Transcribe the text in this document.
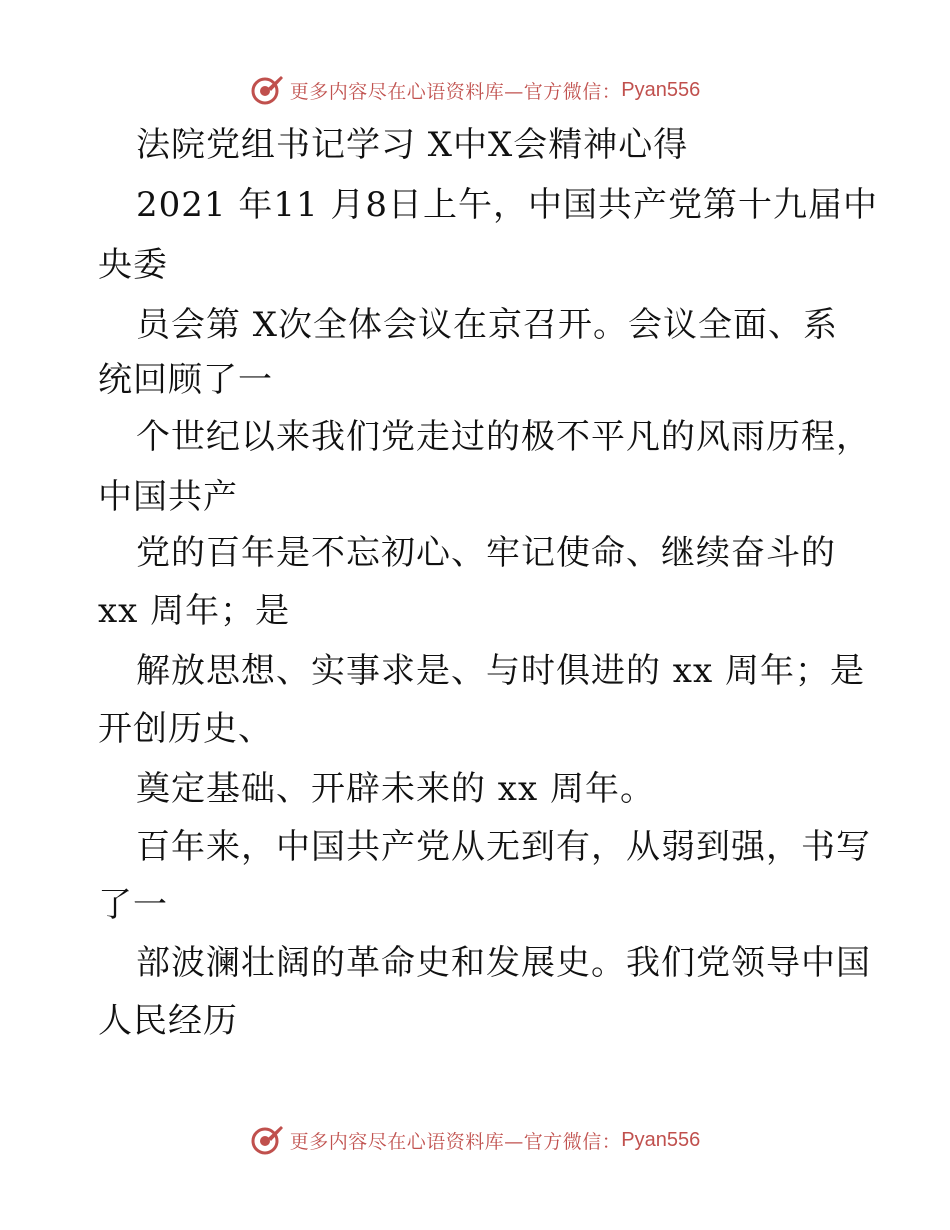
更多内容尽在心语资料库—官方微信： Pyan556
法院党组书记学习 X中X会精神心得
2021 年11 月8日上午，中国共产党第十九届中
央委
员会第 X次全体会议在京召开。会议全面、系
统回顾了一
个世纪以来我们党走过的极不平凡的风雨历程，
中国共产
党的百年是不忘初心、牢记使命、继续奋斗的
xx 周年；是
解放思想、实事求是、与时俱进的 xx 周年；是
开创历史、
奠定基础、开辟未来的 xx 周年。
百年来，中国共产党从无到有，从弱到强，书写
了一
部波澜壮阔的革命史和发展史。我们党领导中国
人民经历
更多内容尽在心语资料库—官方微信： Pyan556
